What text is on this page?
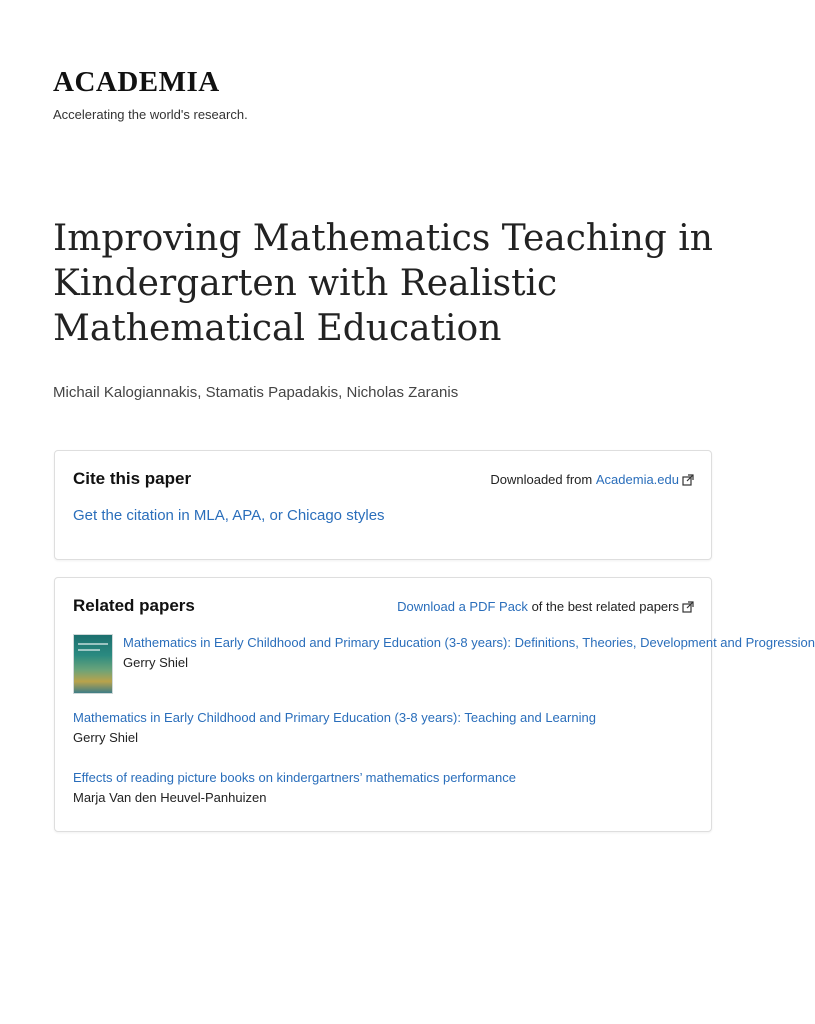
ACADEMIA
Accelerating the world's research.
Improving Mathematics Teaching in Kindergarten with Realistic Mathematical Education
Michail Kalogiannakis, Stamatis Papadakis, Nicholas Zaranis
Cite this paper	Downloaded from
Academia.edu
Get the citation in MLA, APA, or Chicago styles
Related papers	Download a PDF Pack
of the best related papers
Mathematics in Early Childhood and Primary Education (3-8 years): Definitions, Theories, Development and Progression
Gerry Shiel
Mathematics in Early Childhood and Primary Education (3-8 years): Teaching and Learning
Gerry Shiel
Effects of reading picture books on kindergartners’ mathematics performance
Marja Van den Heuvel-Panhuizen
